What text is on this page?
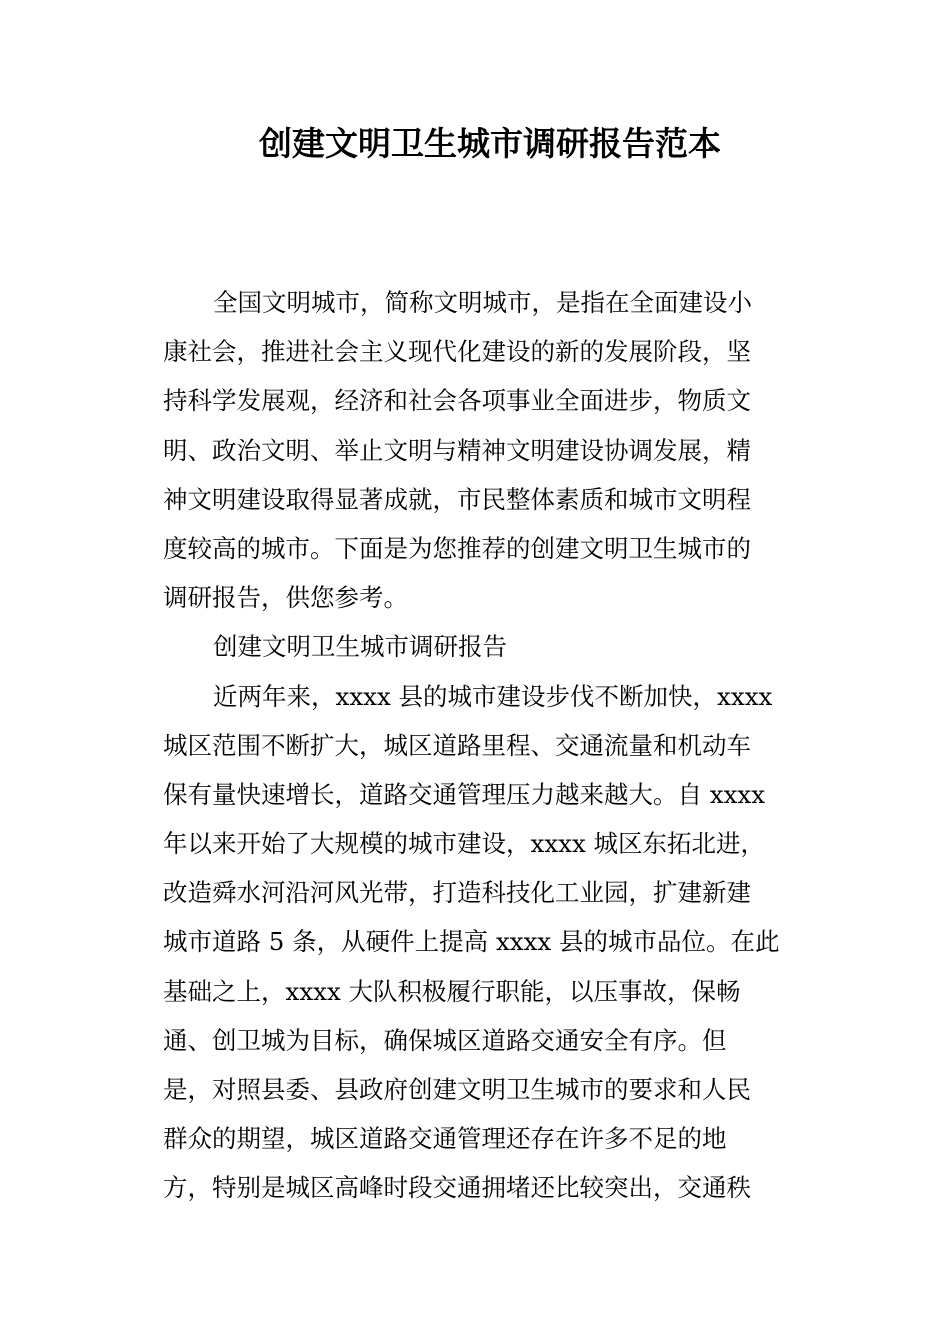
创建文明卫生城市调研报告范本
全国文明城市，简称文明城市，是指在全面建设小
康社会，推进社会主义现代化建设的新的发展阶段，坚
持科学发展观，经济和社会各项事业全面进步，物质文
明、政治文明、举止文明与精神文明建设协调发展，精
神文明建设取得显著成就，市民整体素质和城市文明程
度较高的城市。下面是为您推荐的创建文明卫生城市的
调研报告，供您参考。
创建文明卫生城市调研报告
近两年来，xxxx 县的城市建设步伐不断加快，xxxx
城区范围不断扩大，城区道路里程、交通流量和机动车
保有量快速增长，道路交通管理压力越来越大。自 xxxx
年以来开始了大规模的城市建设，xxxx 城区东拓北进，
改造舜水河沿河风光带，打造科技化工业园，扩建新建
城市道路 5 条，从硬件上提高 xxxx 县的城市品位。在此
基础之上，xxxx 大队积极履行职能，以压事故，保畅
通、创卫城为目标，确保城区道路交通安全有序。但
是，对照县委、县政府创建文明卫生城市的要求和人民
群众的期望，城区道路交通管理还存在许多不足的地
方，特别是城区高峰时段交通拥堵还比较突出，交通秩
